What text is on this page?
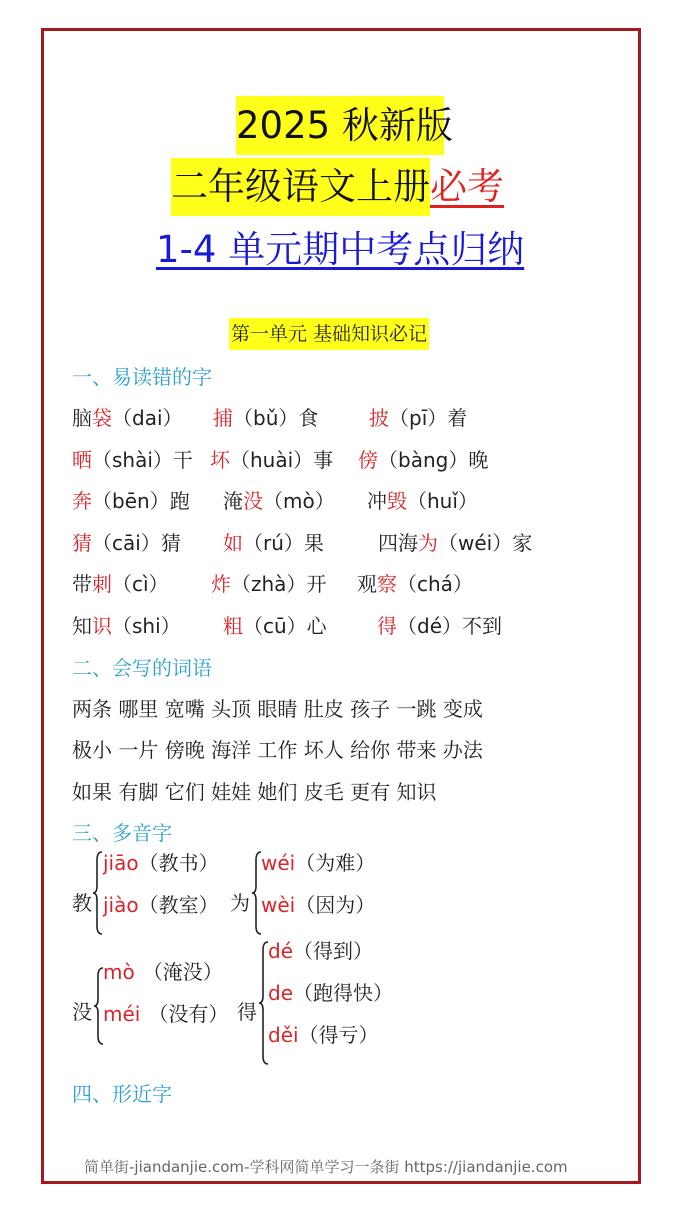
2025 秋新版
二年级语文上册必考
1-4 单元期中考点归纳
第一单元 基础知识必记
一、易读错的字
脑袋（dai） 捕（bǔ）食	披（pī）着
晒（shài）干 坏（huài）事 傍（bàng）晚
奔（bēn）跑 淹没（mò） 冲毁（huǐ）
猜（cāi）猜 如（rú）果	四海为（wéi）家
带刺（cì） 炸（zhà）开 观察（chá）
知识（shi） 粗（cū）心	得（dé）不到
二、会写的词语
两条 哪里 宽嘴 头顶 眼睛 肚皮 孩子 一跳 变成
极小 一片 傍晚 海洋 工作 坏人 给你 带来 办法
如果 有脚 它们 娃娃 她们 皮毛 更有 知识
三、多音字
教
jiāo（教书）
jiào（教室） 为
wéi（为难）
wèi（因为）
没
mò （淹没）
méi （没有） 得
dé（得到）
de（跑得快）
děi（得亏）
四、形近字
简单街-jiandanjie.com-学科网简单学习一条街 https://jiandanjie.com
